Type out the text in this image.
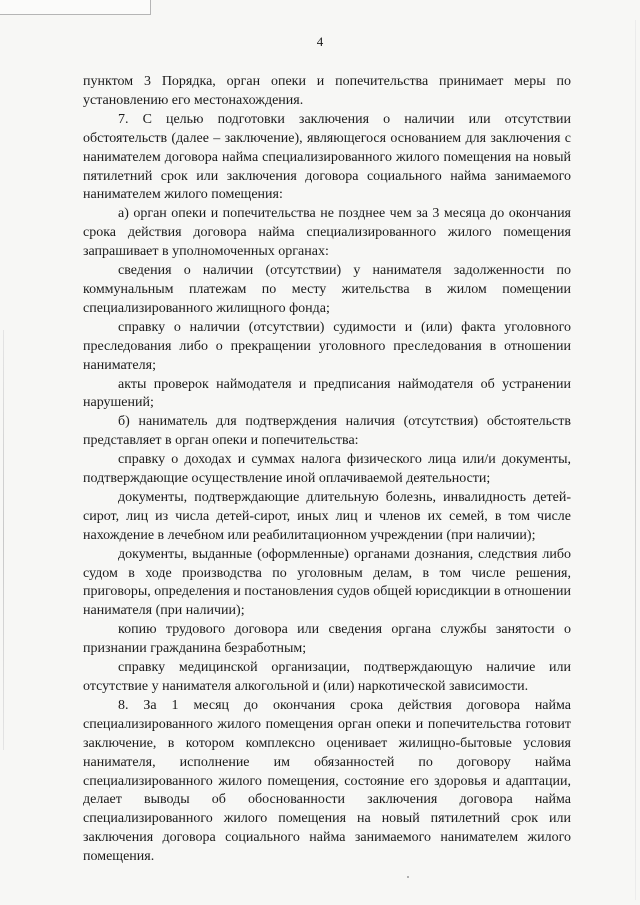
4

пунктом 3 Порядка, орган опеки и попечительства принимает меры по установлению его местонахождения.

7. С целью подготовки заключения о наличии или отсутствии обстоятельств (далее – заключение), являющегося основанием для заключения с нанимателем договора найма специализированного жилого помещения на новый пятилетний срок или заключения договора социального найма занимаемого нанимателем жилого помещения:

а) орган опеки и попечительства не позднее чем за 3 месяца до окончания срока действия договора найма специализированного жилого помещения запрашивает в уполномоченных органах:

сведения о наличии (отсутствии) у нанимателя задолженности по коммунальным платежам по месту жительства в жилом помещении специализированного жилищного фонда;

справку о наличии (отсутствии) судимости и (или) факта уголовного преследования либо о прекращении уголовного преследования в отношении нанимателя;

акты проверок наймодателя и предписания наймодателя об устранении нарушений;

б) наниматель для подтверждения наличия (отсутствия) обстоятельств представляет в орган опеки и попечительства:

справку о доходах и суммах налога физического лица или/и документы, подтверждающие осуществление иной оплачиваемой деятельности;

документы, подтверждающие длительную болезнь, инвалидность детей-сирот, лиц из числа детей-сирот, иных лиц и членов их семей, в том числе нахождение в лечебном или реабилитационном учреждении (при наличии);

документы, выданные (оформленные) органами дознания, следствия либо судом в ходе производства по уголовным делам, в том числе решения, приговоры, определения и постановления судов общей юрисдикции в отношении нанимателя (при наличии);

копию трудового договора или сведения органа службы занятости о признании гражданина безработным;

справку медицинской организации, подтверждающую наличие или отсутствие у нанимателя алкогольной и (или) наркотической зависимости.

8. За 1 месяц до окончания срока действия договора найма специализированного жилого помещения орган опеки и попечительства готовит заключение, в котором комплексно оценивает жилищно-бытовые условия нанимателя, исполнение им обязанностей по договору найма специализированного жилого помещения, состояние его здоровья и адаптации, делает выводы об обоснованности заключения договора найма специализированного жилого помещения на новый пятилетний срок или заключения договора социального найма занимаемого нанимателем жилого помещения.
